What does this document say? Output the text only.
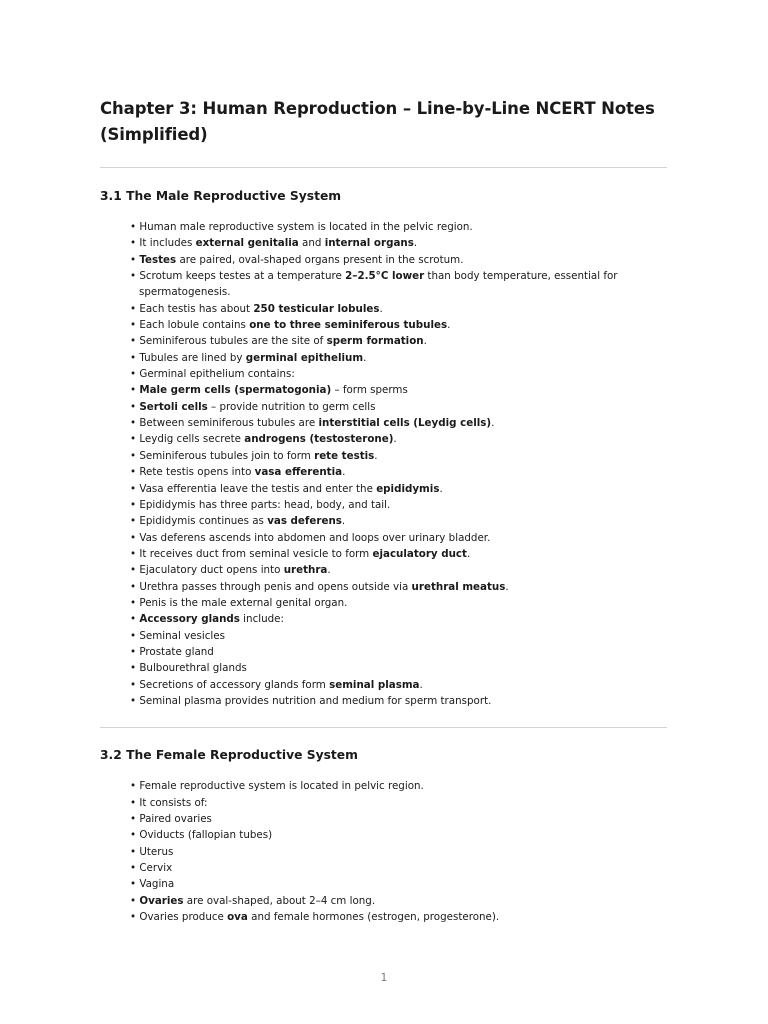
Chapter 3: Human Reproduction – Line-by-Line NCERT Notes (Simplified)
3.1 The Male Reproductive System
• Human male reproductive system is located in the pelvic region.
• It includes external genitalia and internal organs.
• Testes are paired, oval-shaped organs present in the scrotum.
• Scrotum keeps testes at a temperature 2–2.5°C lower than body temperature, essential for spermatogenesis.
• Each testis has about 250 testicular lobules.
• Each lobule contains one to three seminiferous tubules.
• Seminiferous tubules are the site of sperm formation.
• Tubules are lined by germinal epithelium.
• Germinal epithelium contains:
• Male germ cells (spermatogonia) – form sperms
• Sertoli cells – provide nutrition to germ cells
• Between seminiferous tubules are interstitial cells (Leydig cells).
• Leydig cells secrete androgens (testosterone).
• Seminiferous tubules join to form rete testis.
• Rete testis opens into vasa efferentia.
• Vasa efferentia leave the testis and enter the epididymis.
• Epididymis has three parts: head, body, and tail.
• Epididymis continues as vas deferens.
• Vas deferens ascends into abdomen and loops over urinary bladder.
• It receives duct from seminal vesicle to form ejaculatory duct.
• Ejaculatory duct opens into urethra.
• Urethra passes through penis and opens outside via urethral meatus.
• Penis is the male external genital organ.
• Accessory glands include:
• Seminal vesicles
• Prostate gland
• Bulbourethral glands
• Secretions of accessory glands form seminal plasma.
• Seminal plasma provides nutrition and medium for sperm transport.
3.2 The Female Reproductive System
• Female reproductive system is located in pelvic region.
• It consists of:
• Paired ovaries
• Oviducts (fallopian tubes)
• Uterus
• Cervix
• Vagina
• Ovaries are oval-shaped, about 2–4 cm long.
• Ovaries produce ova and female hormones (estrogen, progesterone).
1
